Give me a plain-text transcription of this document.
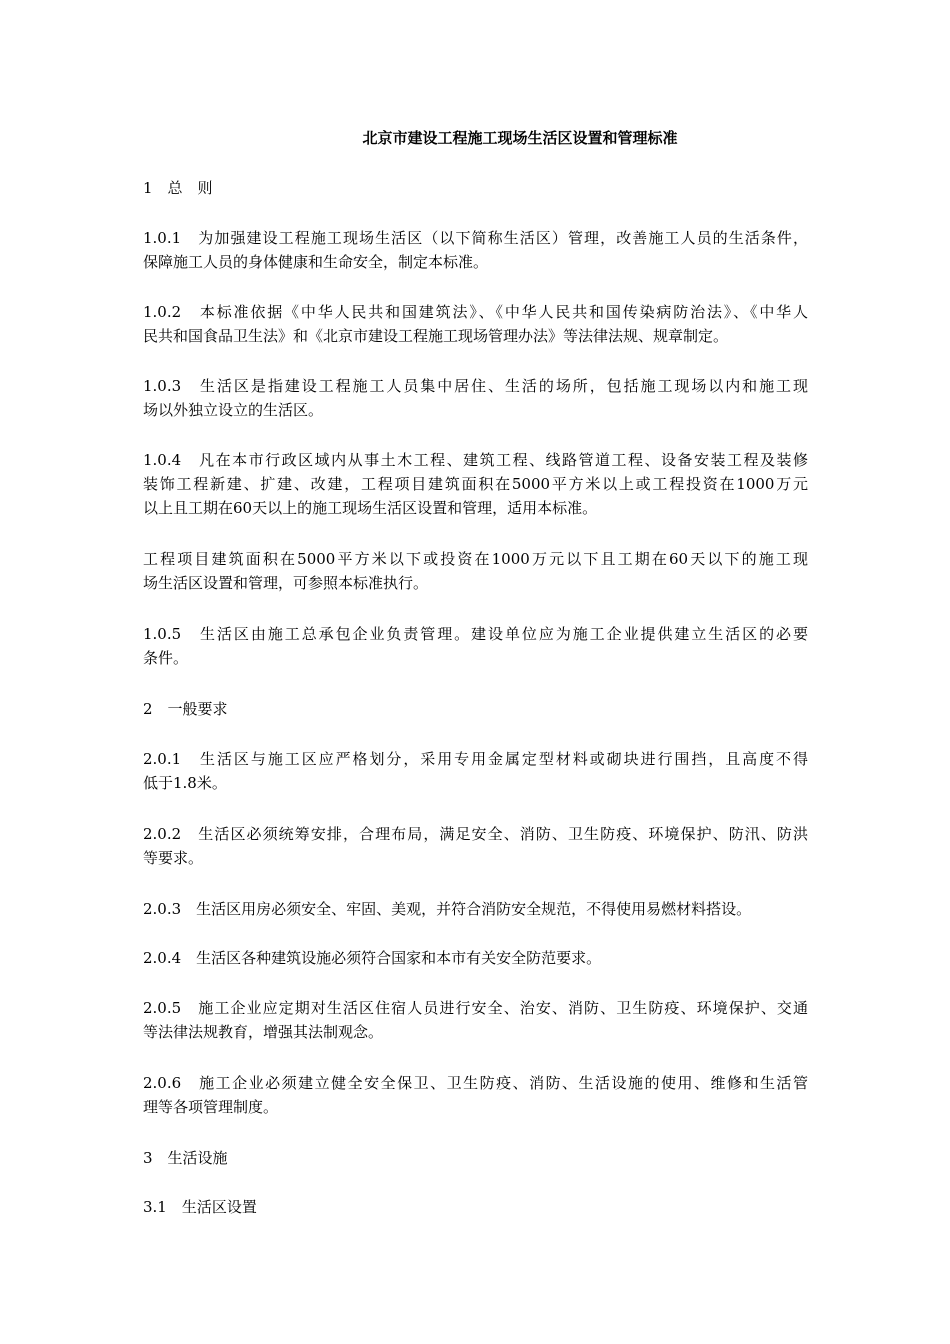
北京市建设工程施工现场生活区设置和管理标准
1　总　则
1.0.1　为加强建设工程施工现场生活区（以下简称生活区）管理，改善施工人员的生活条件，
保障施工人员的身体健康和生命安全，制定本标准。
1.0.2　本标准依据《中华人民共和国建筑法》、《中华人民共和国传染病防治法》、《中华人
民共和国食品卫生法》和《北京市建设工程施工现场管理办法》等法律法规、规章制定。
1.0.3　生活区是指建设工程施工人员集中居住、生活的场所，包括施工现场以内和施工现
场以外独立设立的生活区。
1.0.4　凡在本市行政区域内从事土木工程、建筑工程、线路管道工程、设备安装工程及装修
装饰工程新建、扩建、改建，工程项目建筑面积在5000平方米以上或工程投资在1000万元
以上且工期在60天以上的施工现场生活区设置和管理，适用本标准。
工程项目建筑面积在5000平方米以下或投资在1000万元以下且工期在60天以下的施工现
场生活区设置和管理，可参照本标准执行。
1.0.5　生活区由施工总承包企业负责管理。建设单位应为施工企业提供建立生活区的必要
条件。
2　一般要求
2.0.1　生活区与施工区应严格划分，采用专用金属定型材料或砌块进行围挡，且高度不得
低于1.8米。
2.0.2　生活区必须统筹安排，合理布局，满足安全、消防、卫生防疫、环境保护、防汛、防洪
等要求。
2.0.3　生活区用房必须安全、牢固、美观，并符合消防安全规范，不得使用易燃材料搭设。
2.0.4　生活区各种建筑设施必须符合国家和本市有关安全防范要求。
2.0.5　施工企业应定期对生活区住宿人员进行安全、治安、消防、卫生防疫、环境保护、交通
等法律法规教育，增强其法制观念。
2.0.6　施工企业必须建立健全安全保卫、卫生防疫、消防、生活设施的使用、维修和生活管
理等各项管理制度。
3　生活设施
3.1　生活区设置
